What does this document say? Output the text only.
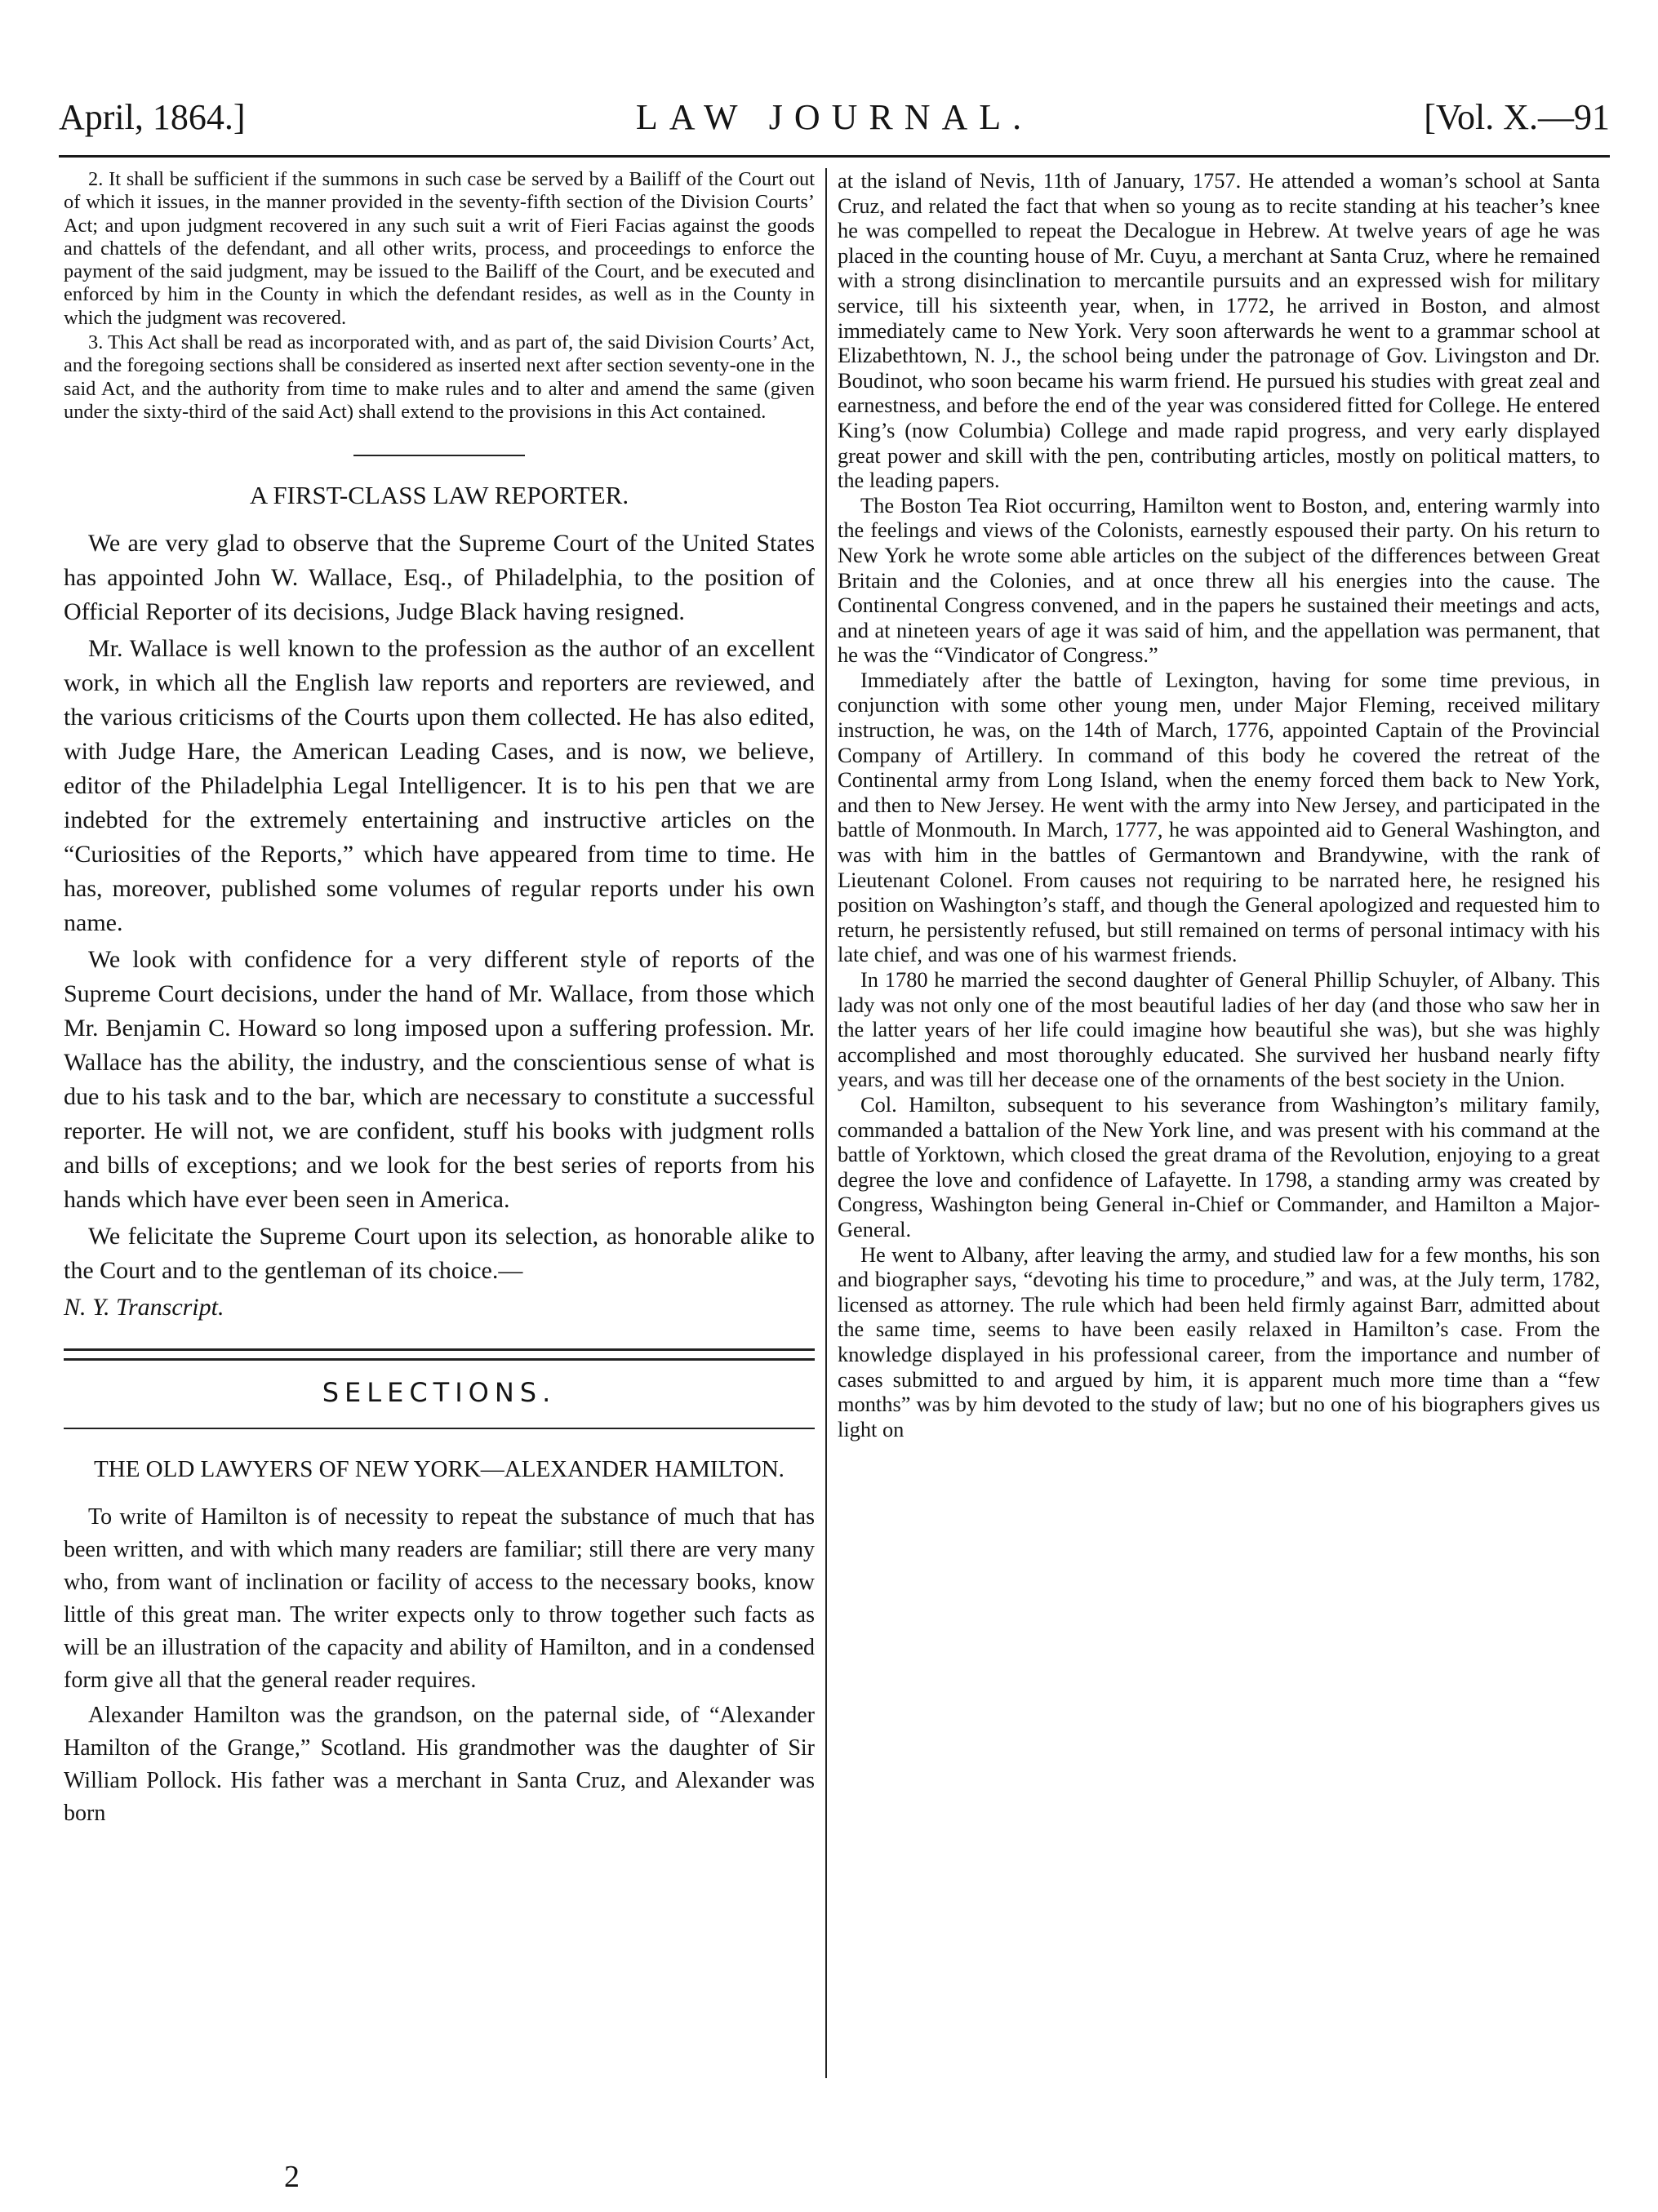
April, 1864.]	LAW JOURNAL.	[Vol. X.—91

2. It shall be sufficient if the summons in such case be served by a Bailiff of the Court out of which it issues, in the manner provided in the seventy-fifth section of the Division Courts’ Act; and upon judgment recovered in any such suit a writ of Fieri Facias against the goods and chattels of the defendant, and all other writs, process, and proceedings to enforce the payment of the said judgment, may be issued to the Bailiff of the Court, and be executed and enforced by him in the County in which the defendant resides, as well as in the County in which the judgment was recovered.

3. This Act shall be read as incorporated with, and as part of, the said Division Courts’ Act, and the foregoing sections shall be considered as inserted next after section seventy-one in the said Act, and the authority from time to make rules and to alter and amend the same (given under the sixty-third of the said Act) shall extend to the provisions in this Act contained.

A FIRST-CLASS LAW REPORTER.

We are very glad to observe that the Supreme Court of the United States has appointed John W. Wallace, Esq., of Philadelphia, to the position of Official Reporter of its decisions, Judge Black having resigned.

Mr. Wallace is well known to the profession as the author of an excellent work, in which all the English law reports and reporters are reviewed, and the various criticisms of the Courts upon them collected. He has also edited, with Judge Hare, the American Leading Cases, and is now, we believe, editor of the Philadelphia Legal Intelligencer. It is to his pen that we are indebted for the extremely entertaining and instructive articles on the “Curiosities of the Reports,” which have appeared from time to time. He has, moreover, published some volumes of regular reports under his own name.

We look with confidence for a very different style of reports of the Supreme Court decisions, under the hand of Mr. Wallace, from those which Mr. Benjamin C. Howard so long imposed upon a suffering profession. Mr. Wallace has the ability, the industry, and the conscientious sense of what is due to his task and to the bar, which are necessary to constitute a successful reporter. He will not, we are confident, stuff his books with judgment rolls and bills of exceptions; and we look for the best series of reports from his hands which have ever been seen in America.

We felicitate the Supreme Court upon its selection, as honorable alike to the Court and to the gentleman of its choice.—

N. Y. Transcript.

SELECTIONS.
THE OLD LAWYERS OF NEW YORK—ALEXANDER HAMILTON.

To write of Hamilton is of necessity to repeat the substance of much that has been written, and with which many readers are familiar; still there are very many who, from want of inclination or facility of access to the necessary books, know little of this great man. The writer expects only to throw together such facts as will be an illustration of the capacity and ability of Hamilton, and in a condensed form give all that the general reader requires.

Alexander Hamilton was the grandson, on the paternal side, of “Alexander Hamilton of the Grange,” Scotland. His grandmother was the daughter of Sir William Pollock. His father was a merchant in Santa Cruz, and Alexander was born

at the island of Nevis, 11th of January, 1757. He attended a woman’s school at Santa Cruz, and related the fact that when so young as to recite standing at his teacher’s knee he was compelled to repeat the Decalogue in Hebrew. At twelve years of age he was placed in the counting house of Mr. Cuyu, a merchant at Santa Cruz, where he remained with a strong disinclination to mercantile pursuits and an expressed wish for military service, till his sixteenth year, when, in 1772, he arrived in Boston, and almost immediately came to New York. Very soon afterwards he went to a grammar school at Elizabethtown, N. J., the school being under the patronage of Gov. Livingston and Dr. Boudinot, who soon became his warm friend. He pursued his studies with great zeal and earnestness, and before the end of the year was considered fitted for College. He entered King’s (now Columbia) College and made rapid progress, and very early displayed great power and skill with the pen, contributing articles, mostly on political matters, to the leading papers.

The Boston Tea Riot occurring, Hamilton went to Boston, and, entering warmly into the feelings and views of the Colonists, earnestly espoused their party. On his return to New York he wrote some able articles on the subject of the differences between Great Britain and the Colonies, and at once threw all his energies into the cause. The Continental Congress convened, and in the papers he sustained their meetings and acts, and at nineteen years of age it was said of him, and the appellation was permanent, that he was the “Vindicator of Congress.”

Immediately after the battle of Lexington, having for some time previous, in conjunction with some other young men, under Major Fleming, received military instruction, he was, on the 14th of March, 1776, appointed Captain of the Provincial Company of Artillery. In command of this body he covered the retreat of the Continental army from Long Island, when the enemy forced them back to New York, and then to New Jersey. He went with the army into New Jersey, and participated in the battle of Monmouth. In March, 1777, he was appointed aid to General Washington, and was with him in the battles of Germantown and Brandywine, with the rank of Lieutenant Colonel. From causes not requiring to be narrated here, he resigned his position on Washington’s staff, and though the General apologized and requested him to return, he persistently refused, but still remained on terms of personal intimacy with his late chief, and was one of his warmest friends.

In 1780 he married the second daughter of General Phillip Schuyler, of Albany. This lady was not only one of the most beautiful ladies of her day (and those who saw her in the latter years of her life could imagine how beautiful she was), but she was highly accomplished and most thoroughly educated. She survived her husband nearly fifty years, and was till her decease one of the ornaments of the best society in the Union.

Col. Hamilton, subsequent to his severance from Washington’s military family, commanded a battalion of the New York line, and was present with his command at the battle of Yorktown, which closed the great drama of the Revolution, enjoying to a great degree the love and confidence of Lafayette. In 1798, a standing army was created by Congress, Washington being General in-Chief or Commander, and Hamilton a Major-General.

He went to Albany, after leaving the army, and studied law for a few months, his son and biographer says, “devoting his time to procedure,” and was, at the July term, 1782, licensed as attorney. The rule which had been held firmly against Barr, admitted about the same time, seems to have been easily relaxed in Hamilton’s case. From the knowledge displayed in his professional career, from the importance and number of cases submitted to and argued by him, it is apparent much more time than a “few months” was by him devoted to the study of law; but no one of his biographers gives us light on

2
